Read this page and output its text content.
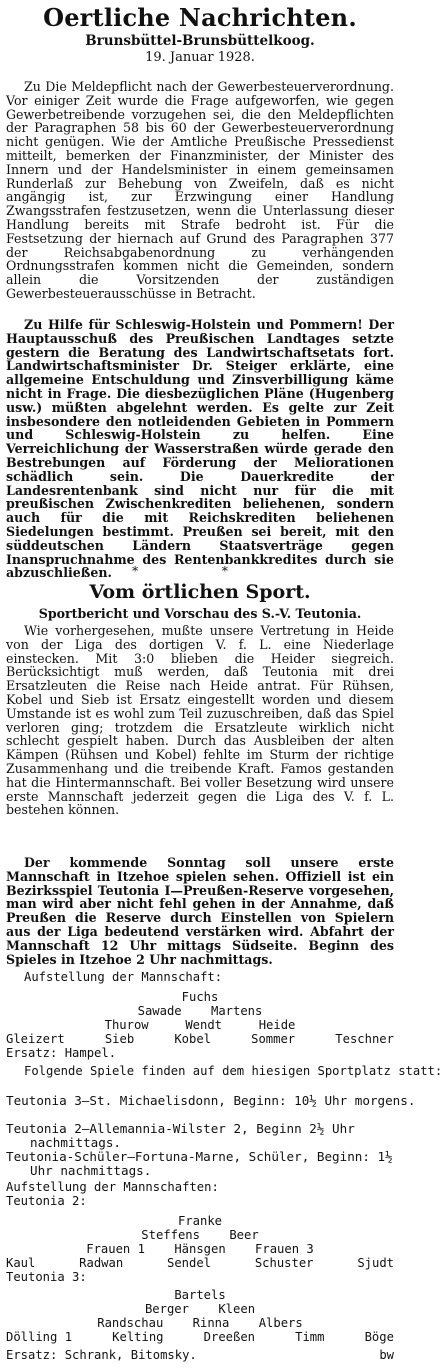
Oertliche Nachrichten.
Brunsbüttel-Brunsbüttelkoog.
19. Januar 1928.
Zu Die Meldepflicht nach der Gewerbesteuerverordnung. Vor einiger Zeit wurde die Frage aufgeworfen, wie gegen Gewerbetreibende vorzugehen sei, die den Meldepflichten der Paragraphen 58 bis 60 der Gewerbesteuerverordnung nicht genügen. Wie der Amtliche Preußische Pressedienst mitteilt, bemerken der Finanzminister, der Minister des Innern und der Handelsminister in einem gemeinsamen Runderlaß zur Behebung von Zweifeln, daß es nicht angängig ist, zur Erzwingung einer Handlung Zwangsstrafen festzusetzen, wenn die Unterlassung dieser Handlung bereits mit Strafe bedroht ist. Für die Festsetzung der hiernach auf Grund des Paragraphen 377 der Reichsabgabenordnung zu verhängenden Ordnungsstrafen kommen nicht die Gemeinden, sondern allein die Vorsitzenden der zuständigen Gewerbesteuerausschüsse in Betracht.
Zu Hilfe für Schleswig-Holstein und Pommern! Der Hauptausschuß des Preußischen Landtages setzte gestern die Beratung des Landwirtschaftsetats fort. Landwirtschaftsminister Dr. Steiger erklärte, eine allgemeine Entschuldung und Zinsverbilligung käme nicht in Frage. Die diesbezüglichen Pläne (Hugenberg usw.) müßten abgelehnt werden. Es gelte zur Zeit insbesondere den notleidenden Gebieten in Pommern und Schleswig-Holstein zu helfen. Eine Verreichlichung der Wasserstraßen würde gerade den Bestrebungen auf Förderung der Meliorationen schädlich sein. Die Dauerkredite der Landesrentenbank sind nicht nur für die mit preußischen Zwischenkrediten beliehenen, sondern auch für die mit Reichskrediten beliehenen Siedelungen bestimmt. Preußen sei bereit, mit den süddeutschen Ländern Staatsverträge gegen Inanspruchnahme des Rentenbankkredites durch sie abzuschließen.	* *
Vom örtlichen Sport.
Sportbericht und Vorschau des S.-V. Teutonia.
Wie vorhergesehen, mußte unsere Vertretung in Heide von der Liga des dortigen V. f. L. eine Niederlage einstecken. Mit 3:0 blieben die Heider siegreich. Berücksichtigt muß werden, daß Teutonia mit drei Ersatzleuten die Reise nach Heide antrat. Für Rühsen, Kobel und Sieb ist Ersatz eingestellt worden und diesem Umstande ist es wohl zum Teil zuzuschreiben, daß das Spiel verloren ging; trotzdem die Ersatzleute wirklich nicht schlecht gespielt haben. Durch das Ausbleiben der alten Kämpen (Rühsen und Kobel) fehlte im Sturm der richtige Zusammenhang und die treibende Kraft. Famos gestanden hat die Hintermannschaft. Bei voller Besetzung wird unsere erste Mannschaft jederzeit gegen die Liga des V. f. L. bestehen können.
Der kommende Sonntag soll unsere erste Mannschaft in Itzehoe spielen sehen. Offiziell ist ein Bezirksspiel Teutonia I—Preußen-Reserve vorgesehen, man wird aber nicht fehl gehen in der Annahme, daß Preußen die Reserve durch Einstellen von Spielern aus der Liga bedeutend verstärken wird. Abfahrt der Mannschaft 12 Uhr mittags Südseite. Beginn des Spieles in Itzehoe 2 Uhr nachmittags.
Aufstellung der Mannschaft:
Fuchs
Sawade Martens
Thurow	Wendt	Heide
Gleizert	Sieb	Kobel	Sommer	Teschner
Ersatz: Hampel.
Folgende Spiele finden auf dem hiesigen Sportplatz statt:
Teutonia 3—St. Michaelisdonn, Beginn: 10½ Uhr morgens.
Teutonia 2—Allemannia-Wilster 2, Beginn 2½ Uhr nachmittags.
Teutonia-Schüler—Fortuna-Marne, Schüler, Beginn: 1½ Uhr nachmittags.
Aufstellung der Mannschaften:
Teutonia 2:
Franke
Steffens Beer
Frauen 1 Hänsgen Frauen 3
Kaul	Radwan	Sendel	Schuster	Sjudt
Teutonia 3:
Bartels
Berger Kleen
Randschau Rinna Albers
Dölling 1	Kelting	Dreeßen	Timm	Böge
Ersatz: Schrank, Bitomsky.	bw
